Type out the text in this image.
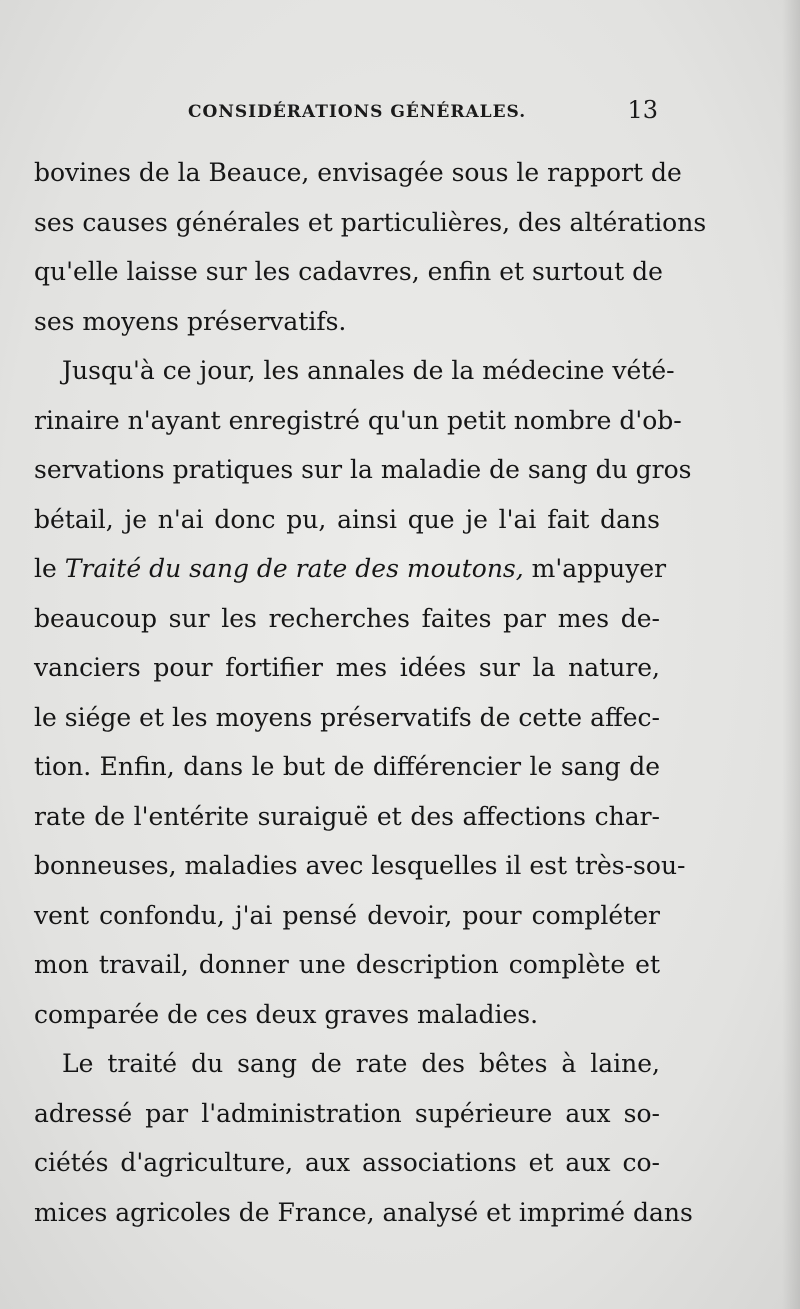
CONSIDÉRATIONS GÉNÉRALES.	13
bovines de la Beauce, envisagée sous le rapport de
ses causes générales et particulières, des altérations
qu'elle laisse sur les cadavres, enfin et surtout de
ses moyens préservatifs.
Jusqu'à ce jour, les annales de la médecine vété-
rinaire n'ayant enregistré qu'un petit nombre d'ob-
servations pratiques sur la maladie de sang du gros
bétail, je n'ai donc pu, ainsi que je l'ai fait dans
le Traité du sang de rate des moutons, m'appuyer
beaucoup sur les recherches faites par mes de-
vanciers pour fortifier mes idées sur la nature,
le siége et les moyens préservatifs de cette affec-
tion. Enfin, dans le but de différencier le sang de
rate de l'entérite suraiguë et des affections char-
bonneuses, maladies avec lesquelles il est très-sou-
vent confondu, j'ai pensé devoir, pour compléter
mon travail, donner une description complète et
comparée de ces deux graves maladies.
Le traité du sang de rate des bêtes à laine,
adressé par l'administration supérieure aux so-
ciétés d'agriculture, aux associations et aux co-
mices agricoles de France, analysé et imprimé dans
